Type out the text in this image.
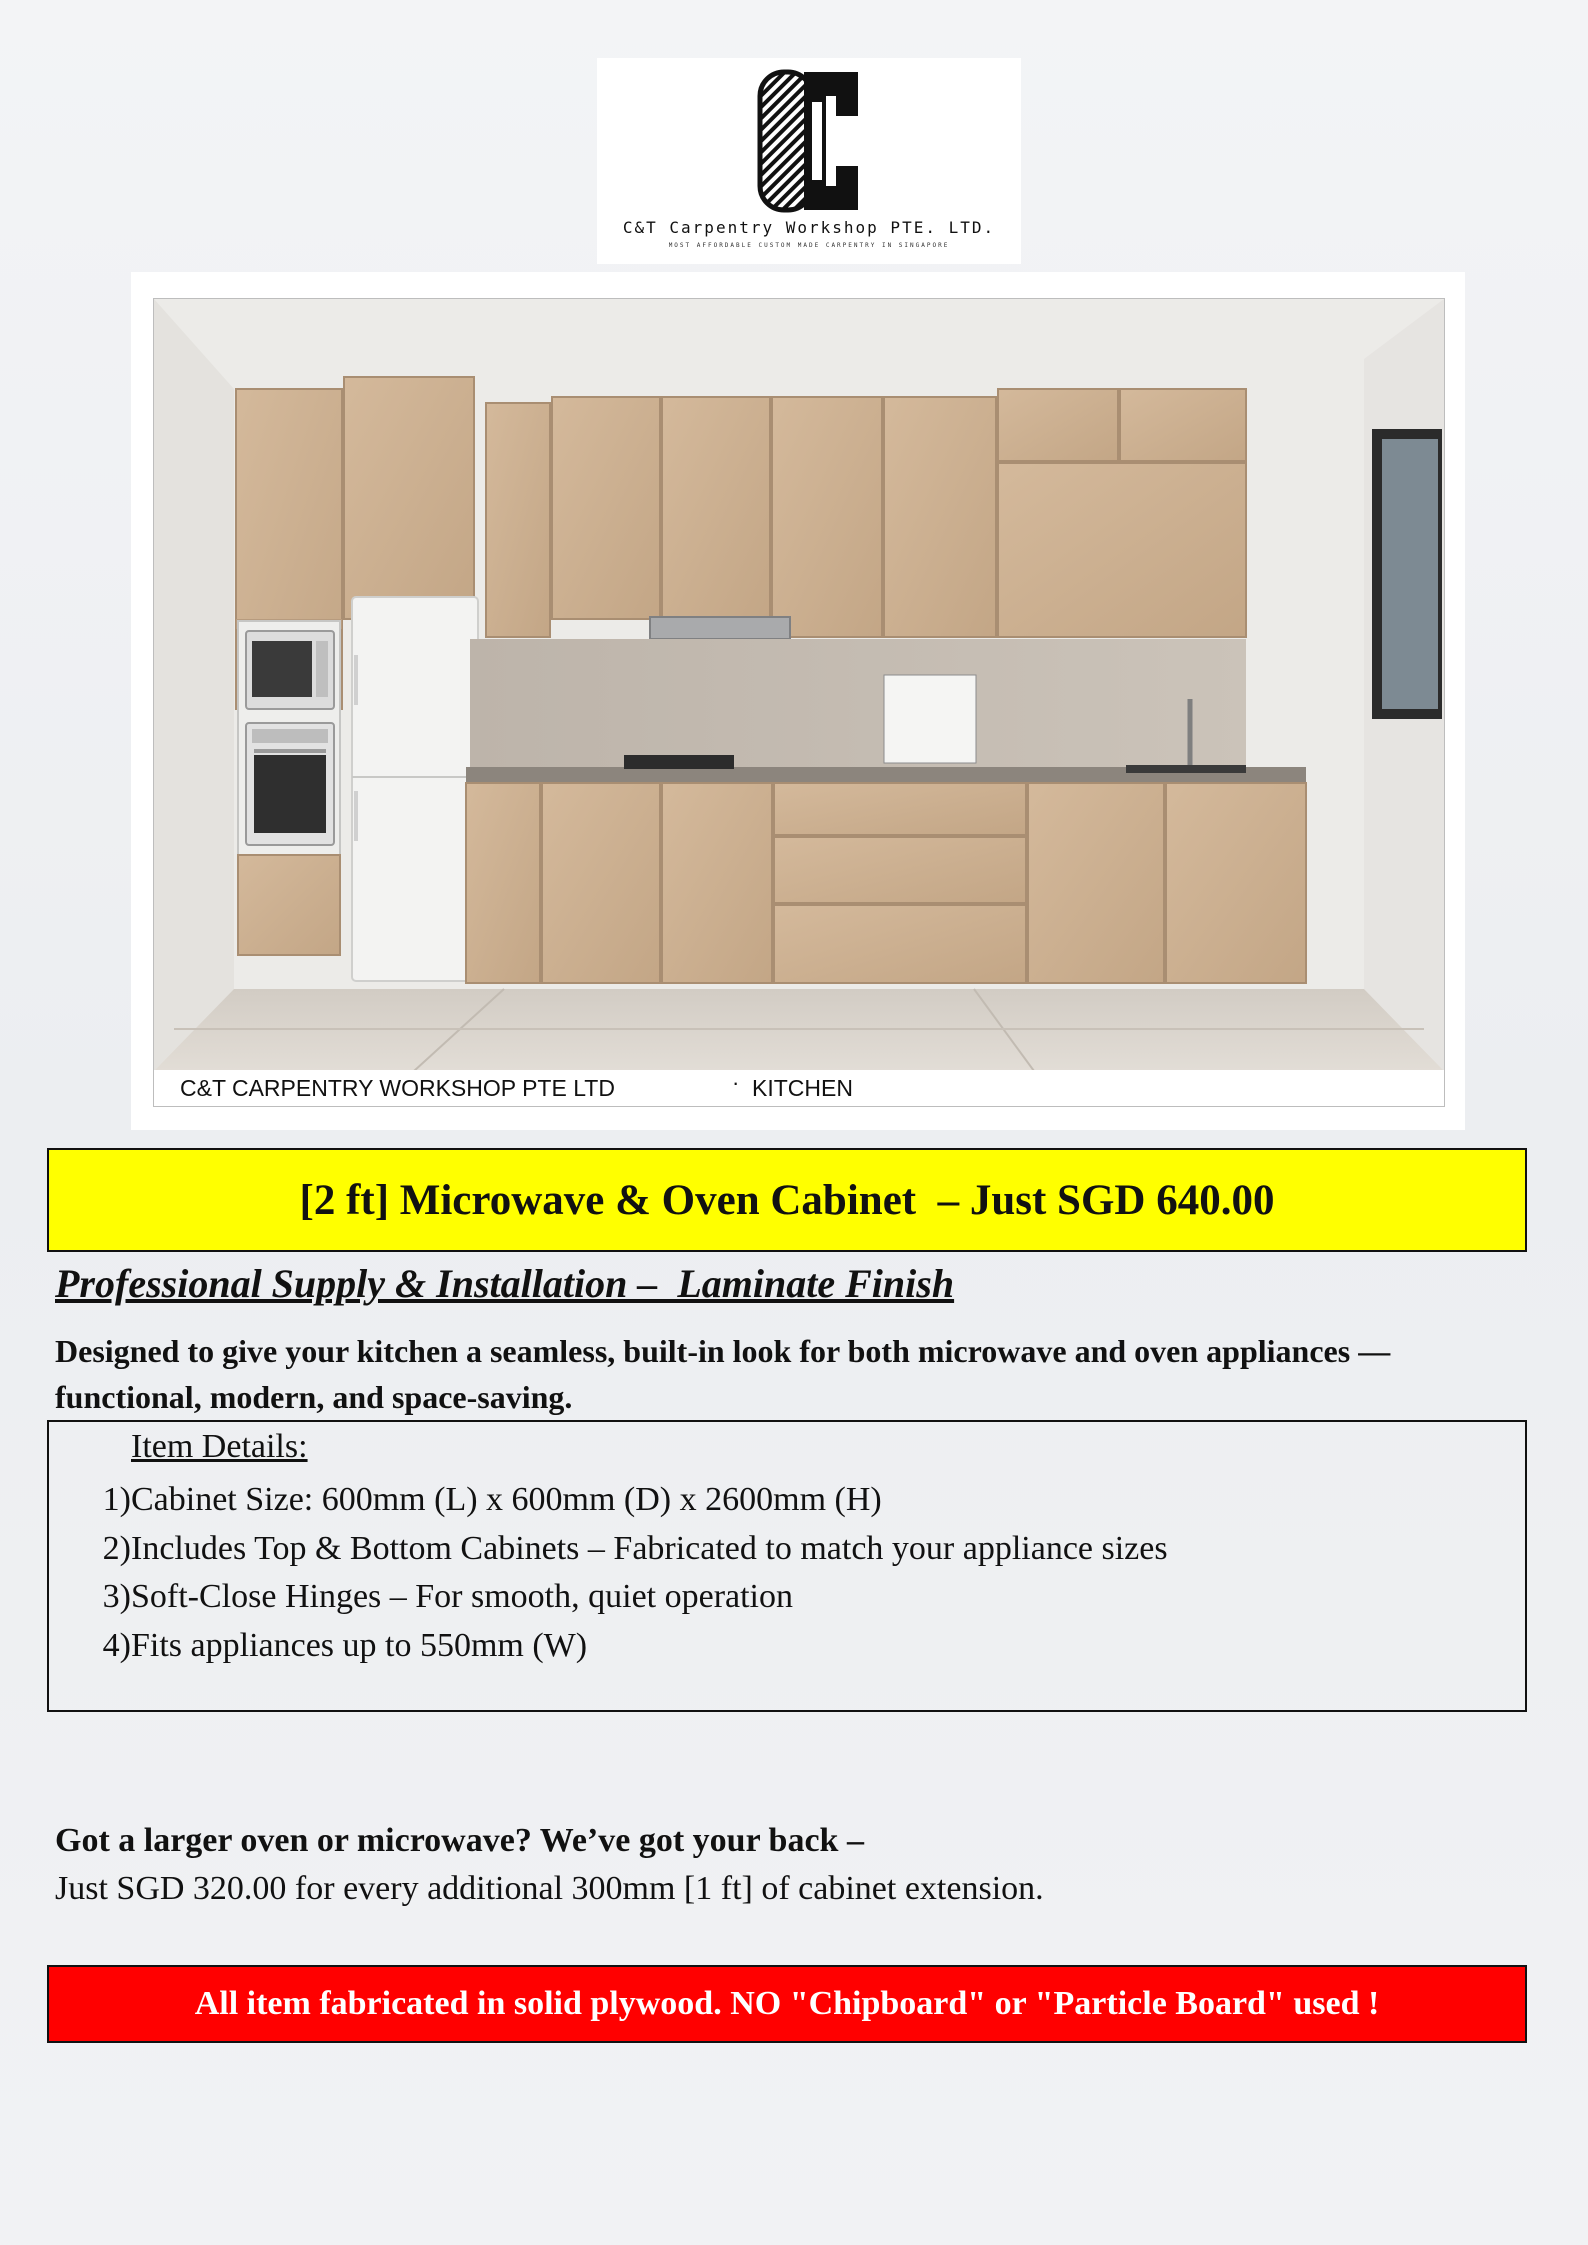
C&T Carpentry Workshop PTE. LTD.
MOST AFFORDABLE CUSTOM MADE CARPENTRY IN SINGAPORE
C&T CARPENTRY WORKSHOP PTE LTD	· KITCHEN
[2 ft] Microwave & Oven Cabinet  – Just SGD 640.00
Professional Supply & Installation –  Laminate Finish
Designed to give your kitchen a seamless, built-in look for both microwave and oven appliances — functional, modern, and space-saving.
Item Details:
1)Cabinet Size: 600mm (L) x 600mm (D) x 2600mm (H)
2)Includes Top & Bottom Cabinets – Fabricated to match your appliance sizes
3)Soft-Close Hinges – For smooth, quiet operation
4)Fits appliances up to 550mm (W)
Got a larger oven or microwave? We’ve got your back –
Just SGD 320.00 for every additional 300mm [1 ft] of cabinet extension.
All item fabricated in solid plywood. NO "Chipboard" or "Particle Board" used !
